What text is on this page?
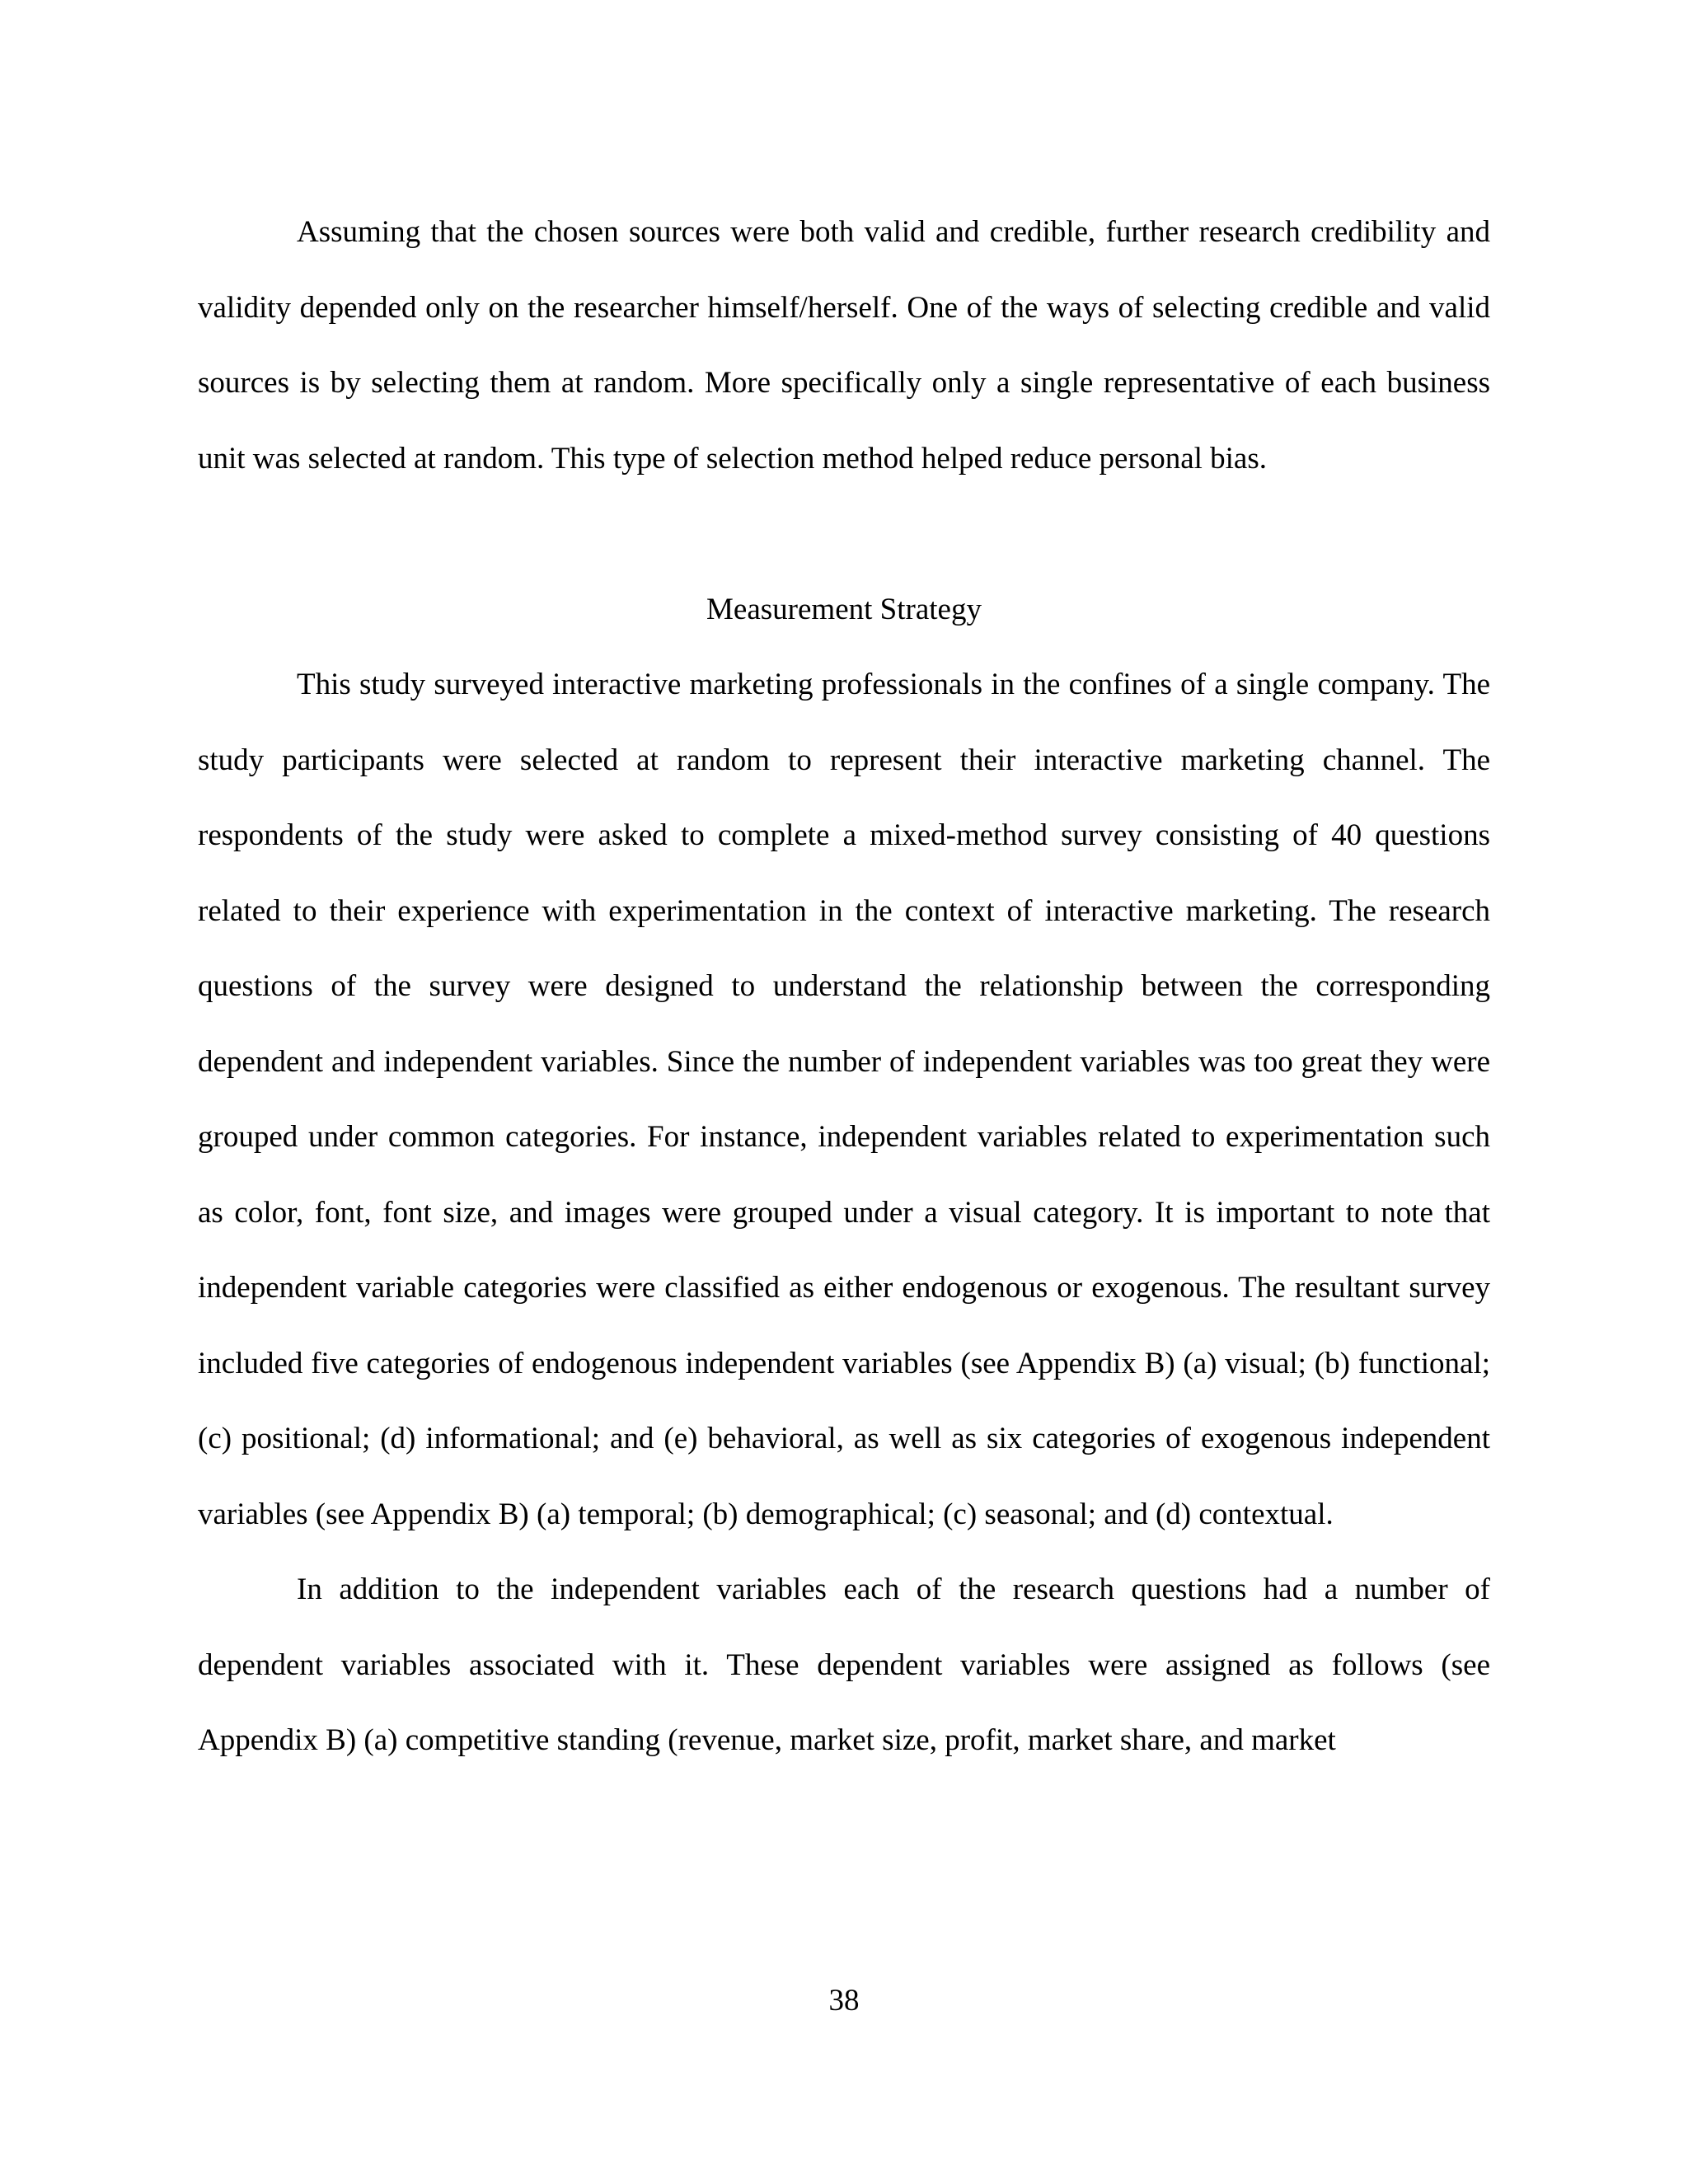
Assuming that the chosen sources were both valid and credible, further research credibility and validity depended only on the researcher himself/herself. One of the ways of selecting credible and valid sources is by selecting them at random. More specifically only a single representative of each business unit was selected at random. This type of selection method helped reduce personal bias.

Measurement Strategy

This study surveyed interactive marketing professionals in the confines of a single company. The study participants were selected at random to represent their interactive marketing channel. The respondents of the study were asked to complete a mixed-method survey consisting of 40 questions related to their experience with experimentation in the context of interactive marketing. The research questions of the survey were designed to understand the relationship between the corresponding dependent and independent variables. Since the number of independent variables was too great they were grouped under common categories. For instance, independent variables related to experimentation such as color, font, font size, and images were grouped under a visual category. It is important to note that independent variable categories were classified as either endogenous or exogenous. The resultant survey included five categories of endogenous independent variables (see Appendix B) (a) visual; (b) functional; (c) positional; (d) informational; and (e) behavioral, as well as six categories of exogenous independent variables (see Appendix B) (a) temporal; (b) demographical; (c) seasonal; and (d) contextual.

In addition to the independent variables each of the research questions had a number of dependent variables associated with it. These dependent variables were assigned as follows (see Appendix B) (a) competitive standing (revenue, market size, profit, market share, and market

38
